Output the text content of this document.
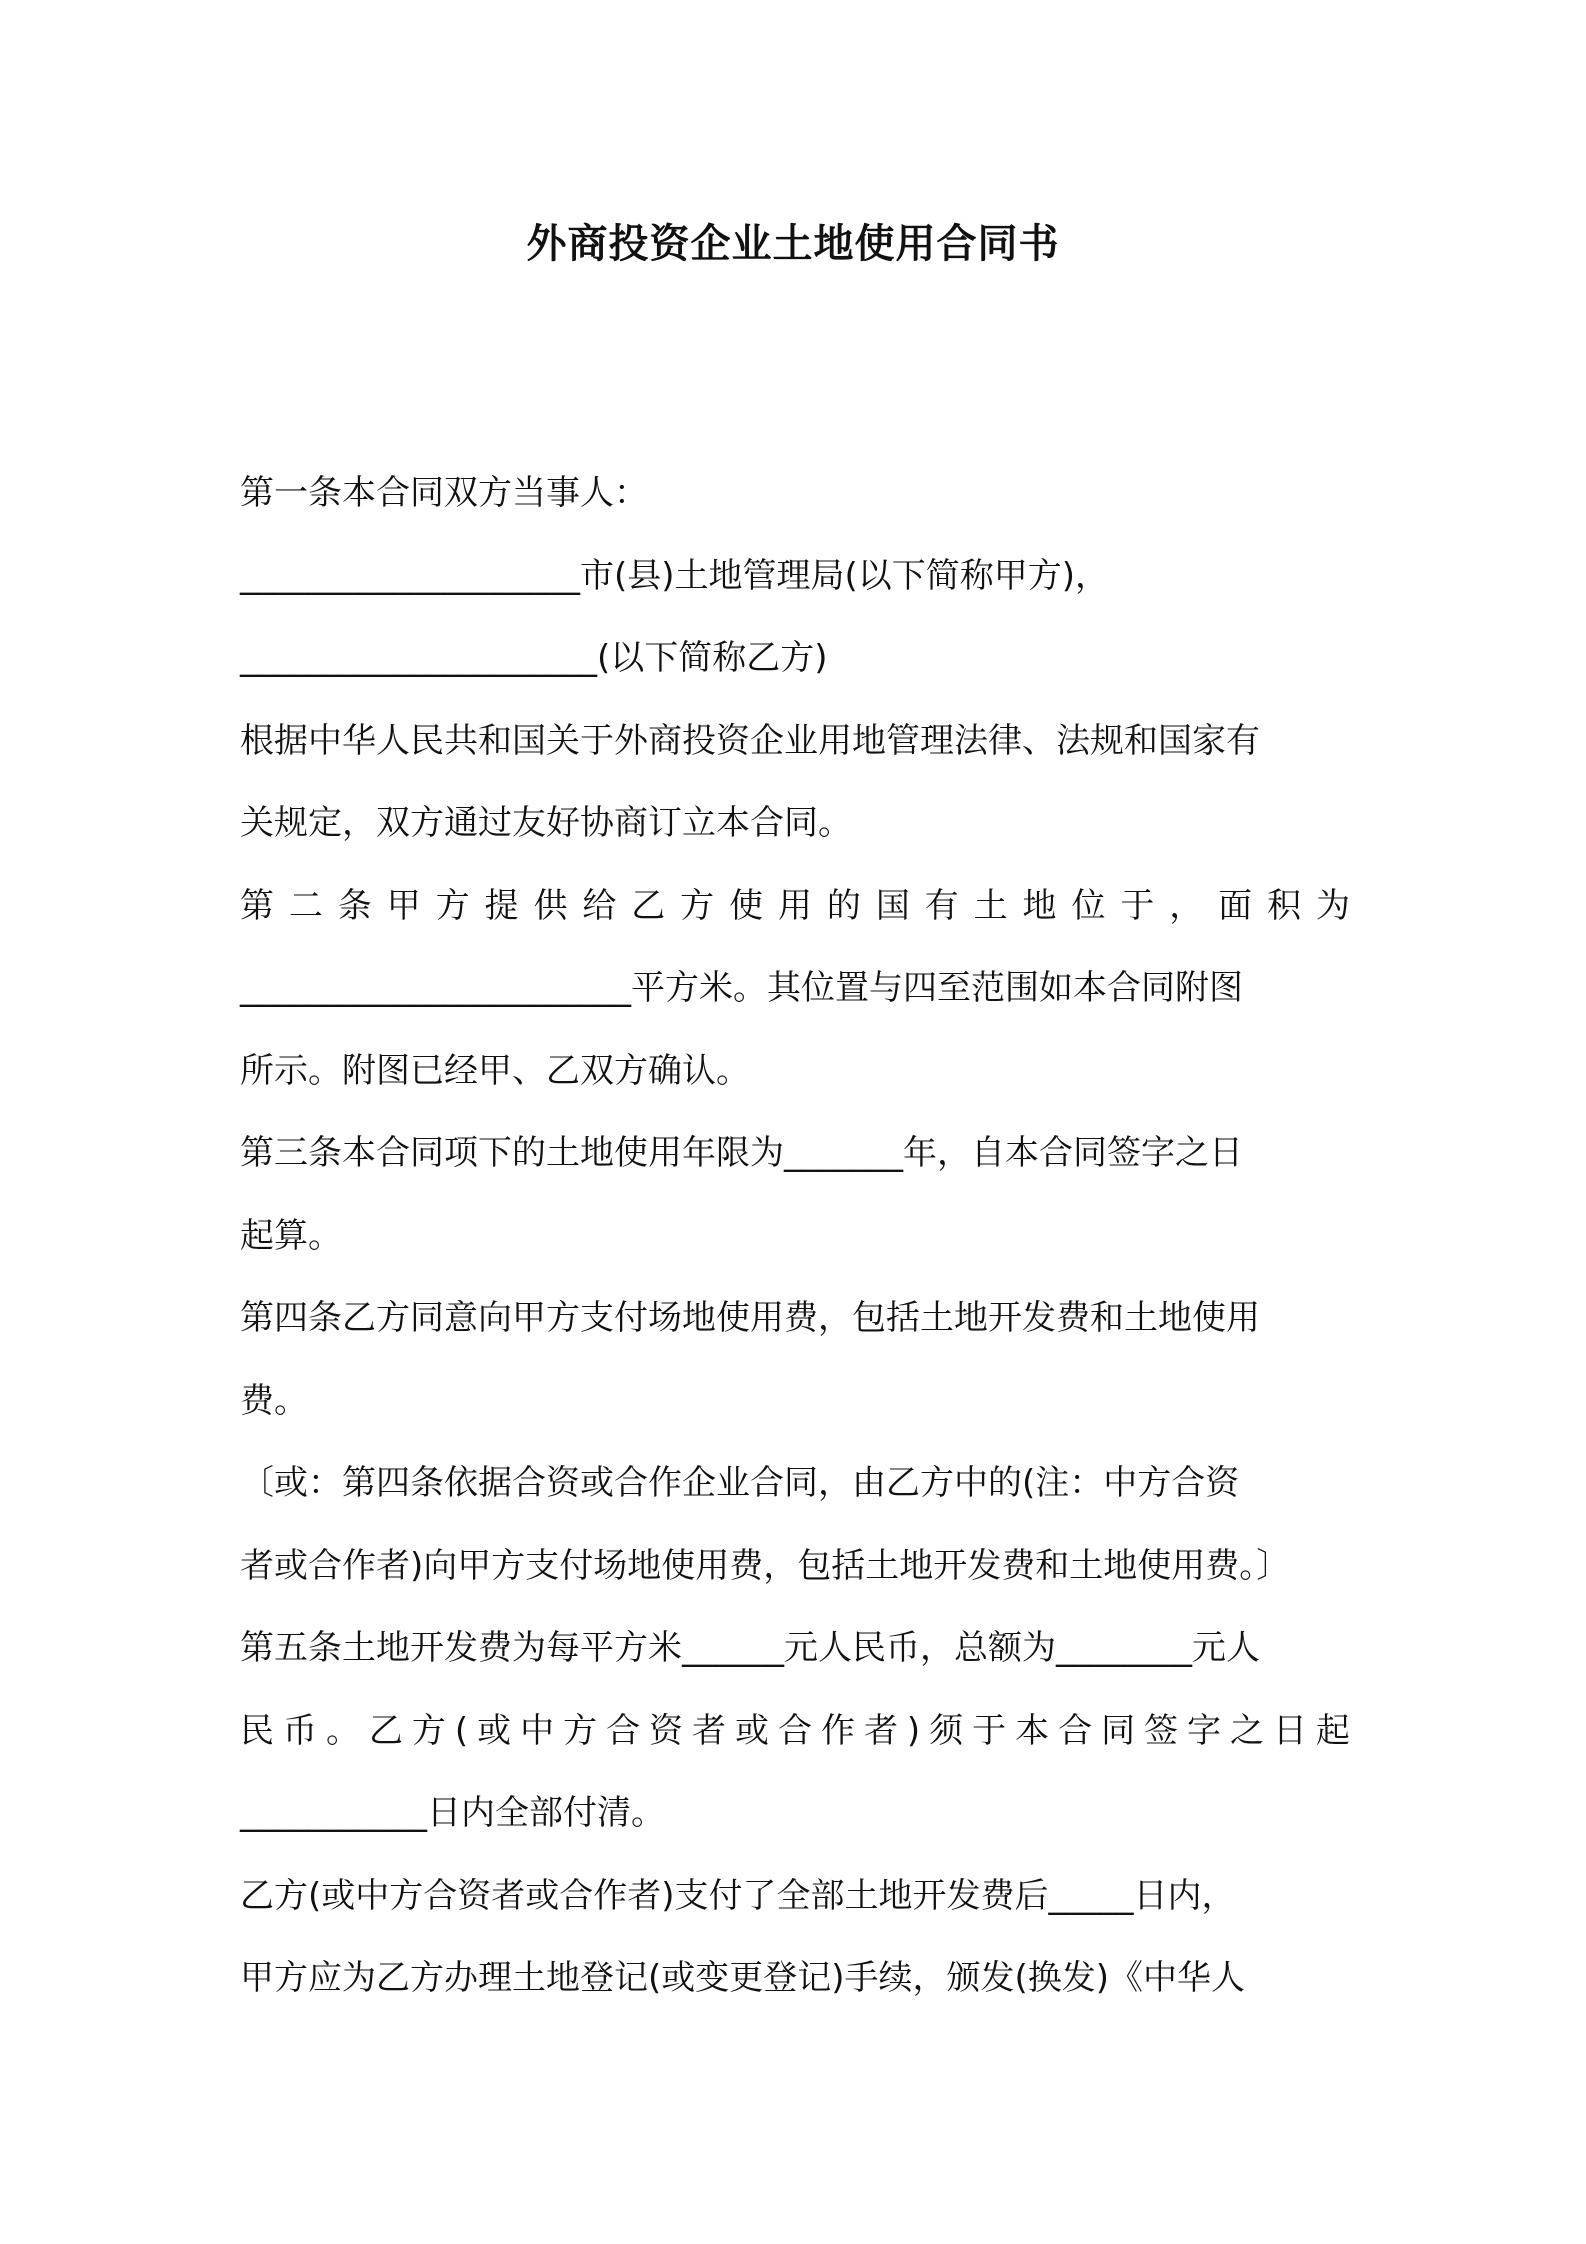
外商投资企业土地使用合同书
第一条本合同双方当事人：
____________________市(县)土地管理局(以下简称甲方)，
_____________________(以下简称乙方)
根据中华人民共和国关于外商投资企业用地管理法律、法规和国家有
关规定，双方通过友好协商订立本合同。
第二条甲方提供给乙方使用的国有土地位于，面积为
_______________________平方米。其位置与四至范围如本合同附图
所示。附图已经甲、乙双方确认。
第三条本合同项下的土地使用年限为_______年，自本合同签字之日
起算。
第四条乙方同意向甲方支付场地使用费，包括土地开发费和土地使用
费。
〔或：第四条依据合资或合作企业合同，由乙方中的(注：中方合资
者或合作者)向甲方支付场地使用费，包括土地开发费和土地使用费。〕
第五条土地开发费为每平方米______元人民币，总额为________元人
民币。乙方(或中方合资者或合作者)须于本合同签字之日起
___________日内全部付清。
乙方(或中方合资者或合作者)支付了全部土地开发费后_____日内，
甲方应为乙方办理土地登记(或变更登记)手续，颁发(换发)《中华人
